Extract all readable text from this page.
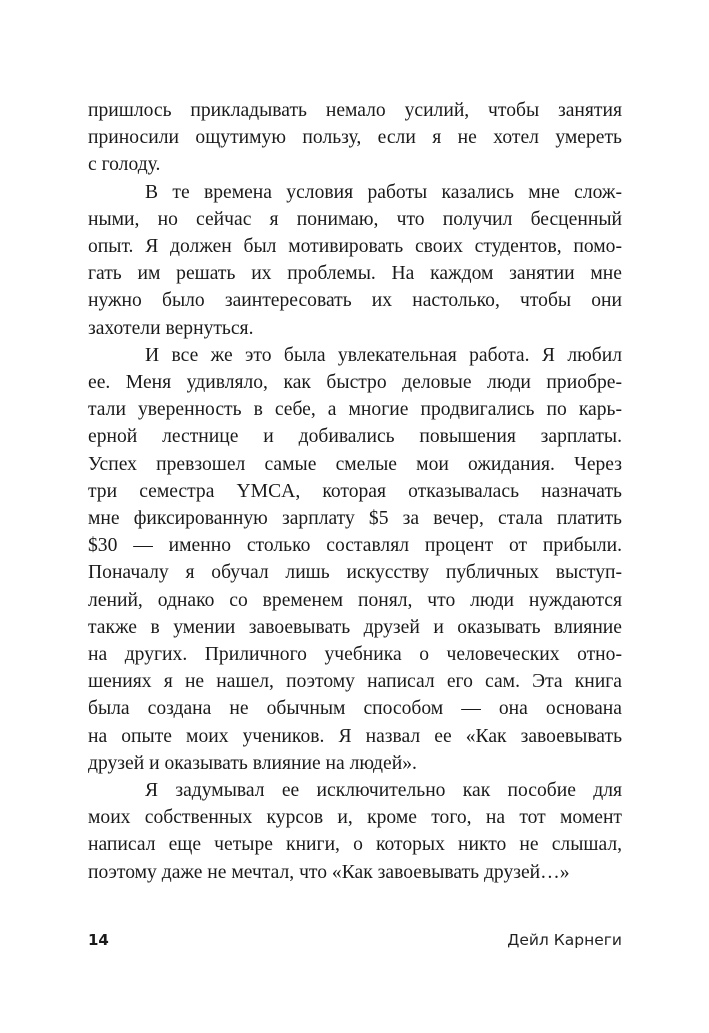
пришлось прикладывать немало усилий, чтобы занятия
приносили ощутимую пользу, если я не хотел умереть
с голоду.
В те времена условия работы казались мне слож-
ными, но сейчас я понимаю, что получил бесценный
опыт. Я должен был мотивировать своих студентов, помо-
гать им решать их проблемы. На каждом занятии мне
нужно было заинтересовать их настолько, чтобы они
захотели вернуться.
И все же это была увлекательная работа. Я любил
ее. Меня удивляло, как быстро деловые люди приобре-
тали уверенность в себе, а многие продвигались по карь-
ерной лестнице и добивались повышения зарплаты.
Успех превзошел самые смелые мои ожидания. Через
три семестра YMCA, которая отказывалась назначать
мне фиксированную зарплату $5 за вечер, стала платить
$30 — именно столько составлял процент от прибыли.
Поначалу я обучал лишь искусству публичных выступ-
лений, однако со временем понял, что люди нуждаются
также в умении завоевывать друзей и оказывать влияние
на других. Приличного учебника о человеческих отно-
шениях я не нашел, поэтому написал его сам. Эта книга
была создана не обычным способом — она основана
на опыте моих учеников. Я назвал ее «Как завоевывать
друзей и оказывать влияние на людей».
Я задумывал ее исключительно как пособие для
моих собственных курсов и, кроме того, на тот момент
написал еще четыре книги, о которых никто не слышал,
поэтому даже не мечтал, что «Как завоевывать друзей…»
14	Дейл Карнеги
